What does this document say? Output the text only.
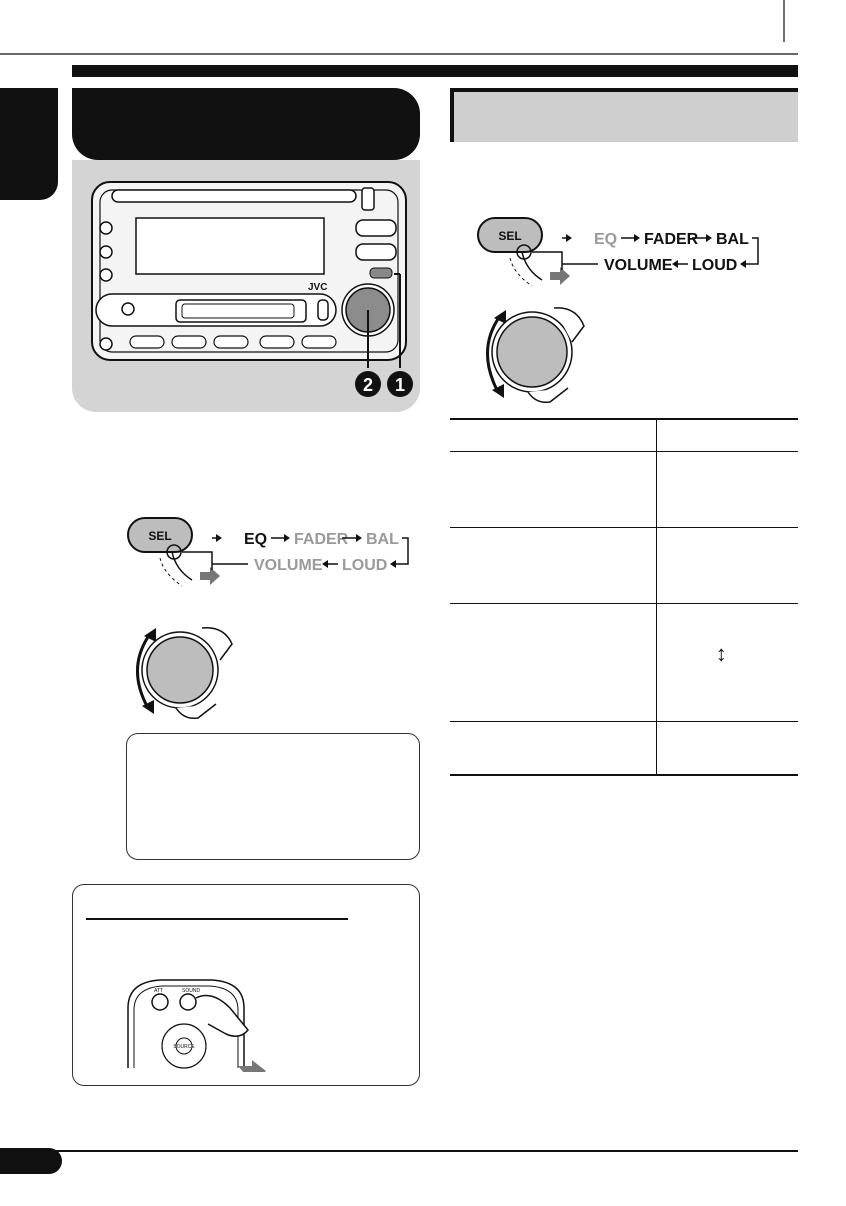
JVC
2 1
SEL	EQ FADER BAL
LOUD
VOLUME
ATT	SOUND
SOURCE
SEL	EQ FADER BAL
LOUD
VOLUME

	↕
